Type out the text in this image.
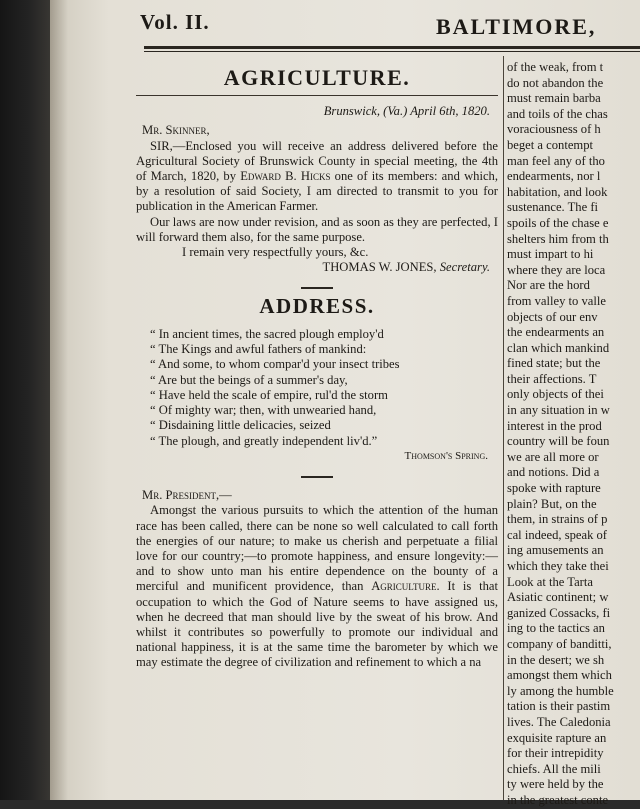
Vol. II.	BALTIMORE,
AGRICULTURE.
Brunswick, (Va.) April 6th, 1820.
Mr. Skinner,

SIR,—Enclosed you will receive an address delivered before the Agricultural Society of Brunswick County in special meeting, the 4th of March, 1820, by Edward B. Hicks one of its members: and which, by a resolution of said Society, I am directed to transmit to you for publication in the American Farmer.

Our laws are now under revision, and as soon as they are perfected, I will forward them also, for the same purpose.

I remain very respectfully yours, &c.
THOMAS W. JONES, Secretary.
ADDRESS.
“ In ancient times, the sacred plough employ'd
“ The Kings and awful fathers of mankind:
“ And some, to whom compar'd your insect tribes
“ Are but the beings of a summer's day,
“ Have held the scale of empire, rul'd the storm
“ Of mighty war; then, with unwearied hand,
“ Disdaining little delicacies, seized
“ The plough, and greatly independent liv'd.”
Thomson's Spring.
Mr. President,—

Amongst the various pursuits to which the attention of the human race has been called, there can be none so well calculated to call forth the energies of our nature; to make us cherish and perpetuate a filial love for our country;—to promote happiness, and ensure longevity:—and to show unto man his entire dependence on the bounty of a merciful and munificent providence, than Agriculture. It is that occupation to which the God of Nature seems to have assigned us, when he decreed that man should live by the sweat of his brow. And whilst it contributes so powerfully to promote our individual and national happiness, it is at the same time the barometer by which we may estimate the degree of civilization and refinement to which a na

of the weak, from t
do not abandon the
must remain barba
and toils of the chas
voraciousness of h
beget a contempt
man feel any of tho
endearments, nor l
habitation, and look
sustenance. The fi
spoils of the chase e
shelters him from th
must impart to hi
where they are loca
Nor are the hord
from valley to valle
objects of our env
the endearments an
clan which mankind
fined state; but the
their affections. T
only objects of thei
in any situation in w
interest in the prod
country will be foun
we are all more or
and notions. Did a
spoke with rapture
plain? But, on the
them, in strains of p
cal indeed, speak of
ing amusements an
which they take thei
Look at the Tarta
Asiatic continent; w
ganized Cossacks, fi
ing to the tactics an
company of banditti,
in the desert; we sh
amongst them which
ly among the humble
tation is their pastim
lives. The Caledonia
exquisite rapture an
for their intrepidity
chiefs. All the mili
ty were held by the
in the greatest conte
